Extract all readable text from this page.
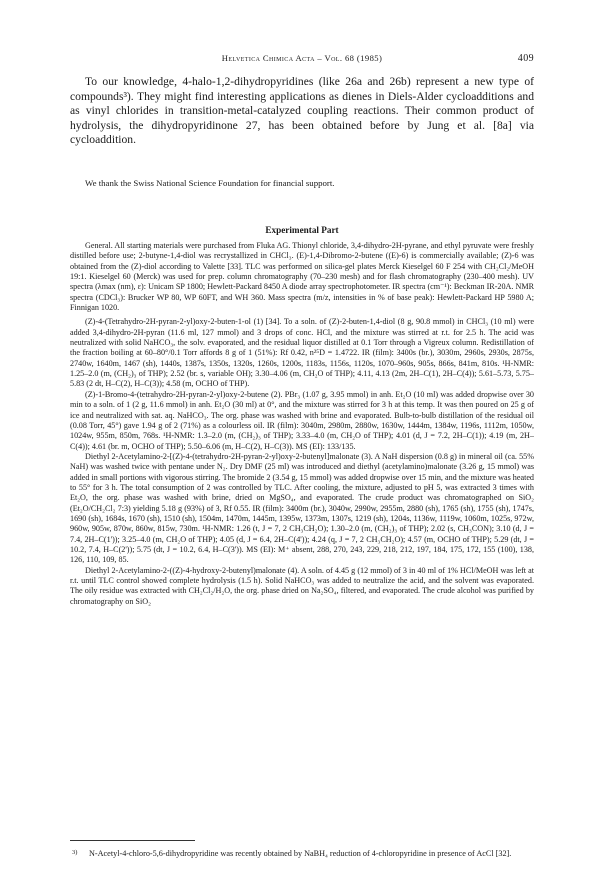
Helvetica Chimica Acta – Vol. 68 (1985)	409

To our knowledge, 4-halo-1,2-dihydropyridines (like 26a and 26b) represent a new type of compounds³). They might find interesting applications as dienes in Diels-Alder cycloadditions and as vinyl chlorides in transition-metal-catalyzed coupling reactions. Their common product of hydrolysis, the dihydropyridinone 27, has been obtained before by Jung et al. [8a] via cycloaddition.

We thank the Swiss National Science Foundation for financial support.

Experimental Part

General. All starting materials were purchased from Fluka AG. Thionyl chloride, 3,4-dihydro-2H-pyrane, and ethyl pyruvate were freshly distilled before use; 2-butyne-1,4-diol was recrystallized in CHCl₃. (E)-1,4-Dibromo-2-butene ((E)-6) is commercially available; (Z)-6 was obtained from the (Z)-diol according to Valette [33]. TLC was performed on silica-gel plates Merck Kieselgel 60 F 254 with CH₂Cl₂/MeOH 19:1. Kieselgel 60 (Merck) was used for prep. column chromatography (70–230 mesh) and for flash chromatography (230–400 mesh). UV spectra (λmax (nm), ε): Unicam SP 1800; Hewlett-Packard 8450 A diode array spectrophotometer. IR spectra (cm⁻¹): Beckman IR-20A. NMR spectra (CDCl₃): Brucker WP 80, WP 60FT, and WH 360. Mass spectra (m/z, intensities in % of base peak): Hewlett-Packard HP 5980 A; Finnigan 1020.

(Z)-4-(Tetrahydro-2H-pyran-2-yl)oxy-2-buten-1-ol (1) [34]. To a soln. of (Z)-2-buten-1,4-diol (8 g, 90.8 mmol) in CHCl₃ (10 ml) were added 3,4-dihydro-2H-pyran (11.6 ml, 127 mmol) and 3 drops of conc. HCl, and the mixture was stirred at r.t. for 2.5 h. The acid was neutralized with solid NaHCO₃, the solv. evaporated, and the residual liquor distilled at 0.1 Torr through a Vigreux column. Redistillation of the fraction boiling at 60–80°/0.1 Torr affords 8 g of 1 (51%): Rf 0.42, n²⁵D = 1.4722. IR (film): 3400s (br.), 3030m, 2960s, 2930s, 2875s, 2740w, 1640m, 1467 (sh), 1440s, 1387s, 1350s, 1320s, 1260s, 1200s, 1183s, 1156s, 1120s, 1070–960s, 905s, 866s, 841m, 810s. ¹H-NMR: 1.25–2.0 (m, (CH₂)₃ of THP); 2.52 (br. s, variable OH); 3.30–4.06 (m, CH₂O of THP); 4.11, 4.13 (2m, 2H–C(1), 2H–C(4)); 5.61–5.73, 5.75–5.83 (2 dt, H–C(2), H–C(3)); 4.58 (m, OCHO of THP).

(Z)-1-Bromo-4-(tetrahydro-2H-pyran-2-yl)oxy-2-butene (2). PBr₃ (1.07 g, 3.95 mmol) in anh. Et₂O (10 ml) was added dropwise over 30 min to a soln. of 1 (2 g, 11.6 mmol) in anh. Et₂O (30 ml) at 0°, and the mixture was stirred for 3 h at this temp. It was then poured on 25 g of ice and neutralized with sat. aq. NaHCO₃. The org. phase was washed with brine and evaporated. Bulb-to-bulb distillation of the residual oil (0.08 Torr, 45°) gave 1.94 g of 2 (71%) as a colourless oil. IR (film): 3040m, 2980m, 2880w, 1630w, 1444m, 1384w, 1196s, 1112m, 1050w, 1024w, 955m, 850m, 768s. ¹H-NMR: 1.3–2.0 (m, (CH₂)₃ of THP); 3.33–4.0 (m, CH₂O of THP); 4.01 (d, J = 7.2, 2H–C(1)); 4.19 (m, 2H–C(4)); 4.61 (br. m, OCHO of THP); 5.50–6.06 (m, H–C(2), H–C(3)). MS (EI): 133/135.

Diethyl 2-Acetylamino-2-[(Z)-4-(tetrahydro-2H-pyran-2-yl)oxy-2-butenyl]malonate (3). A NaH dispersion (0.8 g) in mineral oil (ca. 55% NaH) was washed twice with pentane under N₂. Dry DMF (25 ml) was introduced and diethyl (acetylamino)malonate (3.26 g, 15 mmol) was added in small portions with vigorous stirring. The bromide 2 (3.54 g, 15 mmol) was added dropwise over 15 min, and the mixture was heated to 55° for 3 h. The total consumption of 2 was controlled by TLC. After cooling, the mixture, adjusted to pH 5, was extracted 3 times with Et₂O, the org. phase was washed with brine, dried on MgSO₄, and evaporated. The crude product was chromatographed on SiO₂ (Et₂O/CH₂Cl₂ 7:3) yielding 5.18 g (93%) of 3, Rf 0.55. IR (film): 3400m (br.), 3040w, 2990w, 2955m, 2880 (sh), 1765 (sh), 1755 (sh), 1747s, 1690 (sh), 1684s, 1670 (sh), 1510 (sh), 1504m, 1470m, 1445m, 1395w, 1373m, 1307s, 1219 (sh), 1204s, 1136w, 1119w, 1060m, 1025s, 972w, 960w, 905w, 870w, 860w, 815w, 730m. ¹H-NMR: 1.26 (t, J = 7, 2 CH₃CH₂O); 1.30–2.0 (m, (CH₂)₃ of THP); 2.02 (s, CH₃CON); 3.10 (d, J = 7.4, 2H–C(1')); 3.25–4.0 (m, CH₂O of THP); 4.05 (d, J = 6.4, 2H–C(4')); 4.24 (q, J = 7, 2 CH₃CH₂O); 4.57 (m, OCHO of THP); 5.29 (dt, J = 10.2, 7.4, H–C(2')); 5.75 (dt, J = 10.2, 6.4, H–C(3')). MS (EI): M⁺ absent, 288, 270, 243, 229, 218, 212, 197, 184, 175, 172, 155 (100), 138, 126, 110, 109, 85.

Diethyl 2-Acetylamino-2-((Z)-4-hydroxy-2-butenyl)malonate (4). A soln. of 4.45 g (12 mmol) of 3 in 40 ml of 1% HCl/MeOH was left at r.t. until TLC control showed complete hydrolysis (1.5 h). Solid NaHCO₃ was added to neutralize the acid, and the solvent was evaporated. The oily residue was extracted with CH₂Cl₂/H₂O, the org. phase dried on Na₂SO₄, filtered, and evaporated. The crude alcohol was purified by chromatography on SiO₂

3)	N-Acetyl-4-chloro-5,6-dihydropyridine was recently obtained by NaBH₄ reduction of 4-chloropyridine in presence of AcCl [32].
